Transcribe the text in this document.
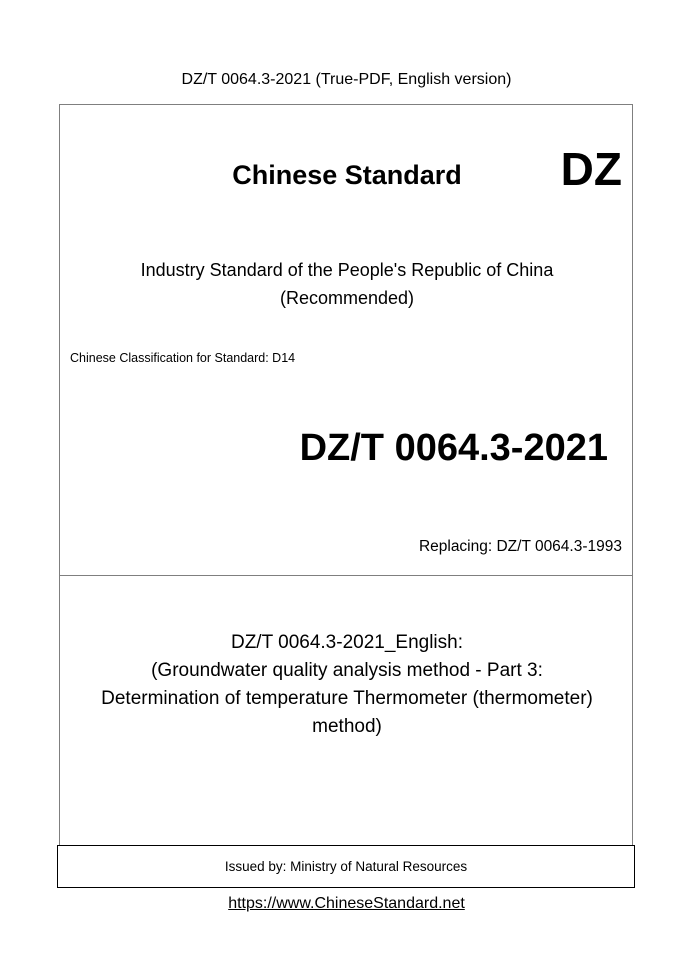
DZ/T 0064.3-2021 (True-PDF, English version)
Chinese Standard	DZ
Industry Standard of the People's Republic of China
(Recommended)
Chinese Classification for Standard: D14
DZ/T 0064.3-2021
Replacing: DZ/T 0064.3-1993
DZ/T 0064.3-2021_English:
(Groundwater quality analysis method - Part 3:
Determination of temperature Thermometer (thermometer)
method)
Issued by: Ministry of Natural Resources
https://www.ChineseStandard.net
